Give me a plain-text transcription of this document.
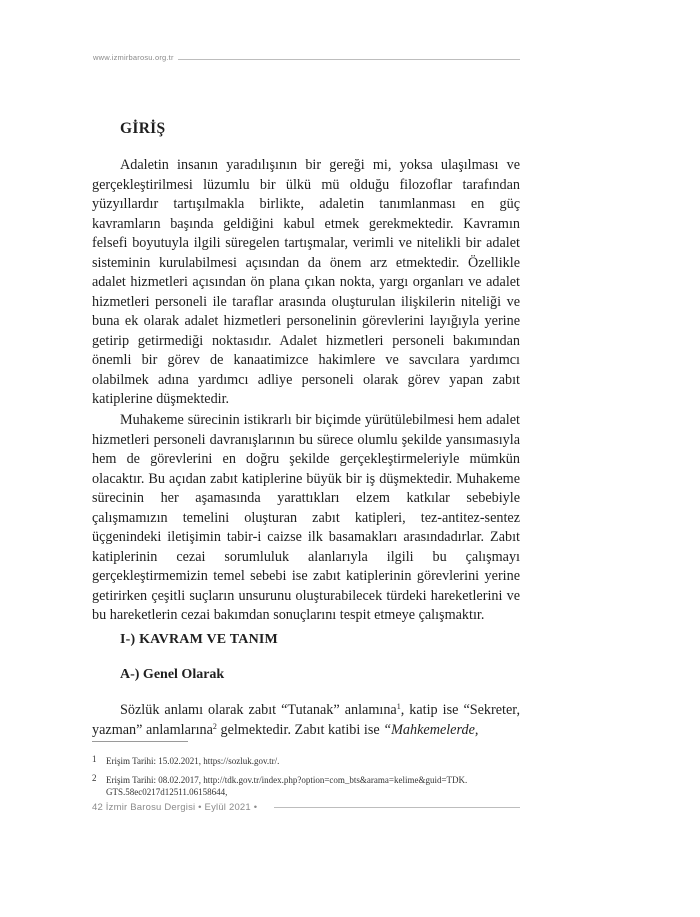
www.izmirbarosu.org.tr
GİRİŞ

Adaletin insanın yaradılışının bir gereği mi, yoksa ulaşılması ve gerçekleştirilmesi lüzumlu bir ülkü mü olduğu filozoflar tarafından yüzyıllardır tartışılmakla birlikte, adaletin tanımlanması en güç kavramların başında geldiğini kabul etmek gerekmektedir. Kavramın felsefi boyutuyla ilgili süregelen tartışmalar, verimli ve nitelikli bir adalet sisteminin kurulabilmesi açısından da önem arz etmektedir. Özellikle adalet hizmetleri açısından ön plana çıkan nokta, yargı organları ve adalet hizmetleri personeli ile taraflar arasında oluşturulan ilişkilerin niteliği ve buna ek olarak adalet hizmetleri personelinin görevlerini layığıyla yerine getirip getirmediği noktasıdır. Adalet hizmetleri personeli bakımından önemli bir görev de kanaatimizce hakimlere ve savcılara yardımcı olabilmek adına yardımcı adliye personeli olarak görev yapan zabıt katiplerine düşmektedir.

Muhakeme sürecinin istikrarlı bir biçimde yürütülebilmesi hem adalet hizmetleri personeli davranışlarının bu sürece olumlu şekilde yansımasıyla hem de görevlerini en doğru şekilde gerçekleştirmeleriyle mümkün olacaktır. Bu açıdan zabıt katiplerine büyük bir iş düşmektedir. Muhakeme sürecinin her aşamasında yarattıkları elzem katkılar sebebiyle çalışmamızın temelini oluşturan zabıt katipleri, tez-antitez-sentez üçgenindeki iletişimin tabir-i caizse ilk basamakları arasındadırlar. Zabıt katiplerinin cezai sorumluluk alanlarıyla ilgili bu çalışmayı gerçekleştirmemizin temel sebebi ise zabıt katiplerinin görevlerini yerine getirirken çeşitli suçların unsurunu oluşturabilecek türdeki hareketlerini ve bu hareketlerin cezai bakımdan sonuçlarını tespit etmeye çalışmaktır.

I-) KAVRAM VE TANIM
A-) Genel Olarak

Sözlük anlamı olarak zabıt “Tutanak” anlamına$^1$, katip ise “Sekreter, yazman” anlamlarına$^2$ gelmektedir. Zabıt katibi ise “Mahkemelerde,

1 Erişim Tarihi: 15.02.2021, https://sozluk.gov.tr/.
2 Erişim Tarihi: 08.02.2017, http://tdk.gov.tr/index.php?option=com_bts&arama=kelime&guid=TDK.
GTS.58ec0217d12511.06158644,
42 İzmir Barosu Dergisi • Eylül 2021 •
